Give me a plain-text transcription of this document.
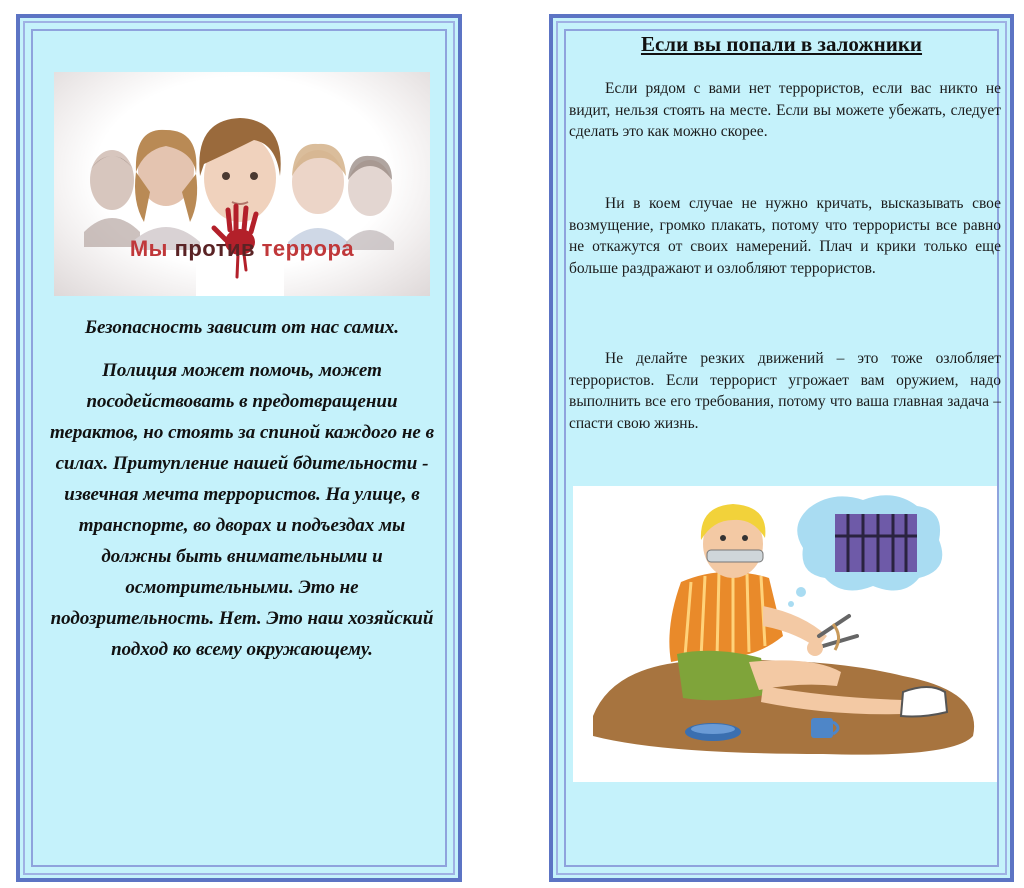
Мы против террора

Безопасность зависит от нас самих.

Полиция может помочь, может посодействовать в предотвращении терактов, но стоять за спиной каждого не в силах. Притупление нашей бдительности - извечная мечта террористов. На улице, в транспорте, во дворах и подъездах мы должны быть внимательными и осмотрительными. Это не подозрительность. Нет. Это наш хозяйский подход ко всему окружающему.

Если вы попали в заложники

Если рядом с вами нет террористов, если вас никто не видит, нельзя стоять на месте. Если вы можете убежать, следует сделать это как можно скорее.

Ни в коем случае не нужно кричать, высказывать свое возмущение, громко плакать, потому что террористы все равно не откажутся от своих намерений. Плач и крики только еще больше раздражают и озлобляют террористов.

Не делайте резких движений – это тоже озлобляет террористов. Если террорист угрожает вам оружием, надо выполнить все его требования, потому что ваша главная задача – спасти свою жизнь.
